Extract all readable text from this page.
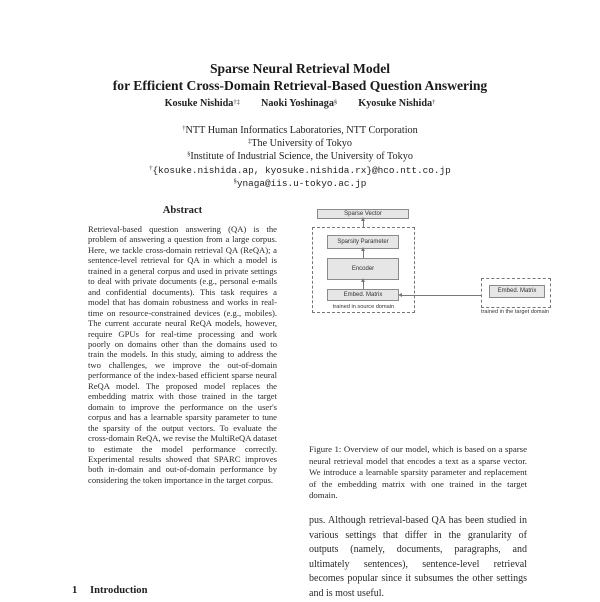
Sparse Neural Retrieval Model
for Efficient Cross-Domain Retrieval-Based Question Answering
Kosuke Nishida†‡ Naoki Yoshinaga§ Kyosuke Nishida†
†NTT Human Informatics Laboratories, NTT Corporation
‡The University of Tokyo
§Institute of Industrial Science, the University of Tokyo
†{kosuke.nishida.ap, kyosuke.nishida.rx}@hco.ntt.co.jp
§ynaga@iis.u-tokyo.ac.jp
Abstract
Retrieval-based question answering (QA) is the problem of answering a question from a large corpus. Here, we tackle cross-domain retrieval QA (ReQA); a sentence-level retrieval for QA in which a model is trained in a general corpus and used in private settings to deal with private documents (e.g., personal e-mails and confidential documents). This task requires a model that has domain robustness and works in real-time on resource-constrained devices (e.g., mobiles). The current accurate neural ReQA models, however, require GPUs for real-time processing and work poorly on domains other than the domains used to train the models. In this study, aiming to address the two challenges, we improve the out-of-domain performance of the index-based efficient sparse neural ReQA model. The proposed model replaces the embedding matrix with those trained in the target domain to improve the performance on the user's corpus and has a learnable sparsity parameter to tune the sparsity of the output vectors. To evaluate the cross-domain ReQA, we revise the MultiReQA dataset to estimate the model performance correctly. Experimental results showed that SPARC improves both in-domain and out-of-domain performance by considering the token importance in the target corpus.
1 Introduction
Sparse Vector
Sparsity Parameter
Encoder
Embed. Matrix
trained in source domain
Embed. Matrix
trained in the target domain
Figure 1: Overview of our model, which is based on a sparse neural retrieval model that encodes a text as a sparse vector. We introduce a learnable sparsity parameter and replacement of the embedding matrix with one trained in the target domain.
pus. Although retrieval-based QA has been studied in various settings that differ in the granularity of outputs (namely, documents, paragraphs, and ultimately sentences), sentence-level retrieval becomes popular since it subsumes the other settings and is most useful.
